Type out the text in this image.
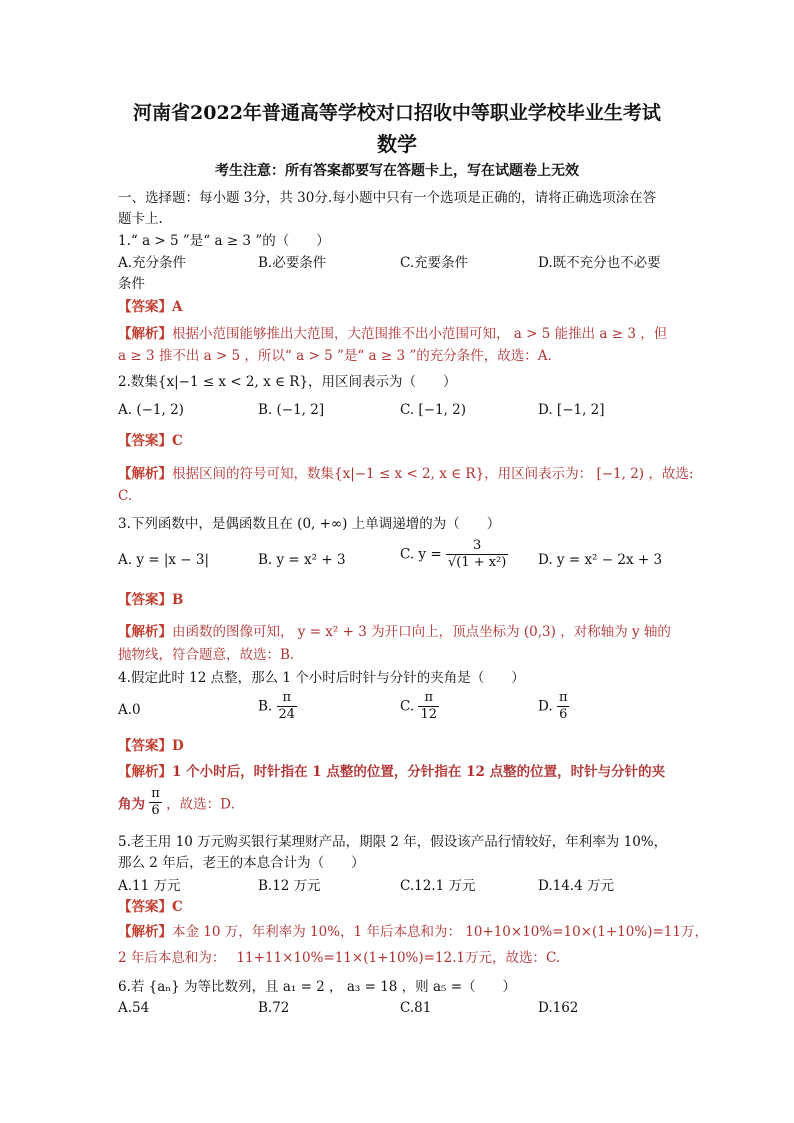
河南省2022年普通高等学校对口招收中等职业学校毕业生考试
数学
考生注意：所有答案都要写在答题卡上，写在试题卷上无效
一、选择题：每小题 3分，共 30分.每小题中只有一个选项是正确的，请将正确选项涂在答
题卡上.
1.“ a > 5 ”是“ a ≥ 3 ”的（　　）
A.充分条件	B.必要条件	C.充要条件	D.既不充分也不必要
条件
【答案】A
【解析】根据小范围能够推出大范围，大范围推不出小范围可知， a > 5 能推出 a ≥ 3 ，但
a ≥ 3 推不出 a > 5 ，所以“ a > 5 ”是“ a ≥ 3 ”的充分条件，故选：A.
2.数集{x|−1 ≤ x < 2, x ∈ R}，用区间表示为（　　）
A. (−1, 2)	B. (−1, 2]	C. [−1, 2)	D. [−1, 2]
【答案】C
【解析】根据区间的符号可知，数集{x|−1 ≤ x < 2, x ∈ R}，用区间表示为： [−1, 2) ，故选:
C.
3.下列函数中，是偶函数且在 (0, +∞) 上单调递增的为（　　）
A. y = |x − 3|	B. y = x² + 3	C. $y = \frac{3}{\text{√(1 + x²)}} D$. y = x² − 2x + 3
【答案】B
【解析】由函数的图像可知， y = x² + 3 为开口向上，顶点坐标为 (0,3) ，对称轴为 y 轴的
抛物线，符合题意，故选：B.
4.假定此时 12 点整，那么 1 个小时后时针与分针的夹角是（　　）
A.0	B. $\frac{\pi}{24}$	C. $\frac{\pi}{12}$	D. $\frac{\pi}{6}$
【答案】D
【解析】1 个小时后，时针指在 1 点整的位置，分针指在 12 点整的位置，时针与分针的夹
角为 $\frac{\pi}{6}$ ，故选：D.
5.老王用 10 万元购买银行某理财产品，期限 2 年，假设该产品行情较好，年利率为 10%，
那么 2 年后，老王的本息合计为（　　）
A.11 万元	B.12 万元	C.12.1 万元	D.14.4 万元
【答案】C
【解析】本金 10 万，年利率为 10%，1 年后本息和为： 10+10×10%=10×(1+10%)=11万，
2 年后本息和为：　 11+11×10%=11×(1+10%)=12.1万元，故选：C.
6.若 {aₙ} 为等比数列，且 a₁ = 2 ， a₃ = 18 ，则 a₅ =（　　）
A.54	B.72	C.81	D.162
